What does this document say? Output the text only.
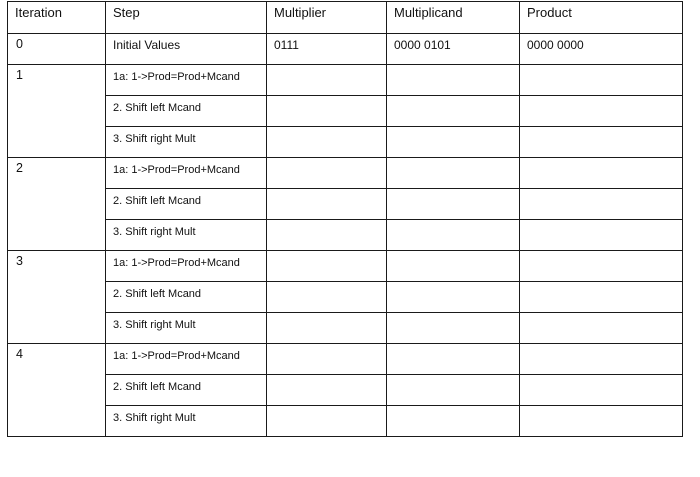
Iteration	Step	Multiplier	Multiplicand	Product
0	Initial Values	0111	0000 0101	0000 0000
1	1a: 1->Prod=Prod+Mcand			
	2. Shift left Mcand			
	3. Shift right Mult			
2	1a: 1->Prod=Prod+Mcand			
	2. Shift left Mcand			
	3. Shift right Mult			
3	1a: 1->Prod=Prod+Mcand			
	2. Shift left Mcand			
	3. Shift right Mult			
4	1a: 1->Prod=Prod+Mcand			
	2. Shift left Mcand			
	3. Shift right Mult			
